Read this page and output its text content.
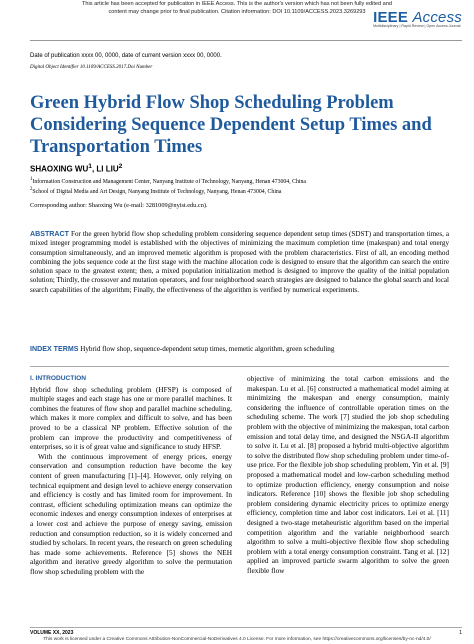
This article has been accepted for publication in IEEE Access. This is the author's version which has not been fully edited and
content may change prior to final publication. Citation information: DOI 10.1109/ACCESS.2023.3269293 IEEE Access
Multidisciplinary | Rapid Review | Open Access Journal
Date of publication xxxx 00, 0000, date of current version xxxx 00, 0000.
Digital Object Identifier 10.1109/ACCESS.2017.Doi Number
Green Hybrid Flow Shop Scheduling Problem Considering Sequence Dependent Setup Times and Transportation Times
SHAOXING $WU^1$, LI LIU$^2$
$^1$Information Construction and Management Center, Nanyang Institute of Technology, Nanyang, Henan 473004, China
$^2$School of Digital Media and Art Design, Nanyang Institute of Technology, Nanyang, Henan 473004, China
Corresponding author: Shaoxing Wu (e-mail: 3281009@nyist.edu.cn).
ABSTRACT For the green hybrid flow shop scheduling problem considering sequence dependent setup times (SDST) and transportation times, a mixed integer programming model is established with the objectives of minimizing the maximum completion time (makespan) and total energy consumption simultaneously, and an improved memetic algorithm is proposed with the problem characteristics. First of all, an encoding method combining the jobs sequence code at the first stage with the machine allocation code is designed to ensure that the algorithm can search the entire solution space to the greatest extent; then, a mixed population initialization method is designed to improve the quality of the initial population solution; Thirdly, the crossover and mutation operators, and four neighborhood search strategies are designed to balance the global search and local search capabilities of the algorithm; Finally, the effectiveness of the algorithm is verified by numerical experiments.
INDEX TERMS Hybrid flow shop, sequence-dependent setup times, memetic algorithm, green scheduling
I. INTRODUCTION

Hybrid flow shop scheduling problem (HFSP) is composed of multiple stages and each stage has one or more parallel machines. It combines the features of flow shop and parallel machine scheduling, which makes it more complex and difficult to solve, and has been proved to be a classical NP problem. Effective solution of the problem can improve the productivity and competitiveness of enterprises, so it is of great value and significance to study HFSP.

With the continuous improvement of energy prices, energy conservation and consumption reduction have become the key content of green manufacturing [1]–[4]. However, only relying on technical equipment and design level to achieve energy conservation and efficiency is costly and has limited room for improvement. In contrast, efficient scheduling optimization means can optimize the economic indexes and energy consumption indexes of enterprises at a lower cost and achieve the purpose of energy saving, emission reduction and consumption reduction, so it is widely concerned and studied by scholars. In recent years, the research on green scheduling has made some achievements. Reference [5] shows the NEH algorithm and iterative greedy algorithm to solve the permutation flow shop scheduling problem with the

objective of minimizing the total carbon emissions and the makespan. Lu et al. [6] constructed a mathematical model aiming at minimizing the makespan and energy consumption, mainly considering the influence of controllable operation times on the scheduling scheme. The work [7] studied the job shop scheduling problem with the objective of minimizing the makespan, total carbon emission and total delay time, and designed the NSGA-II algorithm to solve it. Lu et al. [8] proposed a hybrid multi-objective algorithm to solve the distributed flow shop scheduling problem under time-of-use price. For the flexible job shop scheduling problem, Yin et al. [9] proposed a mathematical model and low-carbon scheduling method to optimize production efficiency, energy consumption and noise indicators. Reference [10] shows the flexible job shop scheduling problem considering dynamic electricity prices to optimize energy efficiency, completion time and labor cost indicators. Lei et al. [11] designed a two-stage metaheuristic algorithm based on the imperial competition algorithm and the variable neighborhood search algorithm to solve a multi-objective flexible flow shop scheduling problem with a total energy consumption constraint. Tang et al. [12] applied an improved particle swarm algorithm to solve the green flexible flow

VOLUME XX, 2023	1
This work is licensed under a Creative Commons Attribution-NonCommercial-NoDerivatives 4.0 License. For more information, see https://creativecommons.org/licenses/by-nc-nd/4.0/
